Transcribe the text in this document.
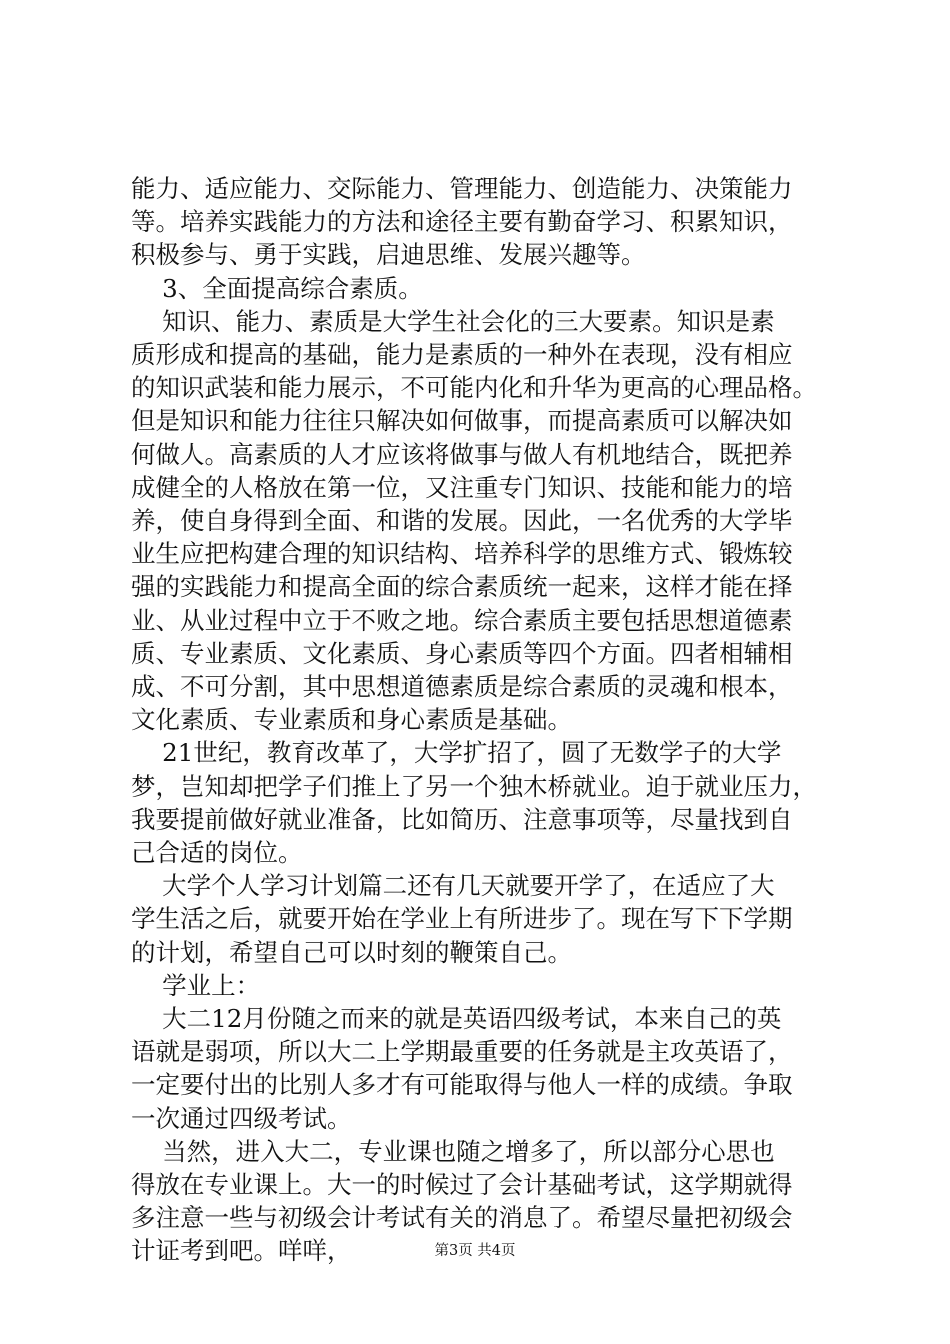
能力、适应能力、交际能力、管理能力、创造能力、决策能力
等。培养实践能力的方法和途径主要有勤奋学习、积累知识，
积极参与、勇于实践，启迪思维、发展兴趣等。
3、全面提高综合素质。
知识、能力、素质是大学生社会化的三大要素。知识是素
质形成和提高的基础，能力是素质的一种外在表现，没有相应
的知识武装和能力展示，不可能内化和升华为更高的心理品格。
但是知识和能力往往只解决如何做事，而提高素质可以解决如
何做人。高素质的人才应该将做事与做人有机地结合，既把养
成健全的人格放在第一位，又注重专门知识、技能和能力的培
养，使自身得到全面、和谐的发展。因此，一名优秀的大学毕
业生应把构建合理的知识结构、培养科学的思维方式、锻炼较
强的实践能力和提高全面的综合素质统一起来，这样才能在择
业、从业过程中立于不败之地。综合素质主要包括思想道德素
质、专业素质、文化素质、身心素质等四个方面。四者相辅相
成、不可分割，其中思想道德素质是综合素质的灵魂和根本，
文化素质、专业素质和身心素质是基础。
21世纪，教育改革了，大学扩招了，圆了无数学子的大学
梦，岂知却把学子们推上了另一个独木桥就业。迫于就业压力，
我要提前做好就业准备，比如简历、注意事项等，尽量找到自
己合适的岗位。
大学个人学习计划篇二还有几天就要开学了，在适应了大
学生活之后，就要开始在学业上有所进步了。现在写下下学期
的计划，希望自己可以时刻的鞭策自己。
学业上：
大二12月份随之而来的就是英语四级考试，本来自己的英
语就是弱项，所以大二上学期最重要的任务就是主攻英语了，
一定要付出的比别人多才有可能取得与他人一样的成绩。争取
一次通过四级考试。
当然，进入大二，专业课也随之增多了，所以部分心思也
得放在专业课上。大一的时候过了会计基础考试，这学期就得
多注意一些与初级会计考试有关的消息了。希望尽量把初级会
计证考到吧。咩咩，	第3页 共4页
